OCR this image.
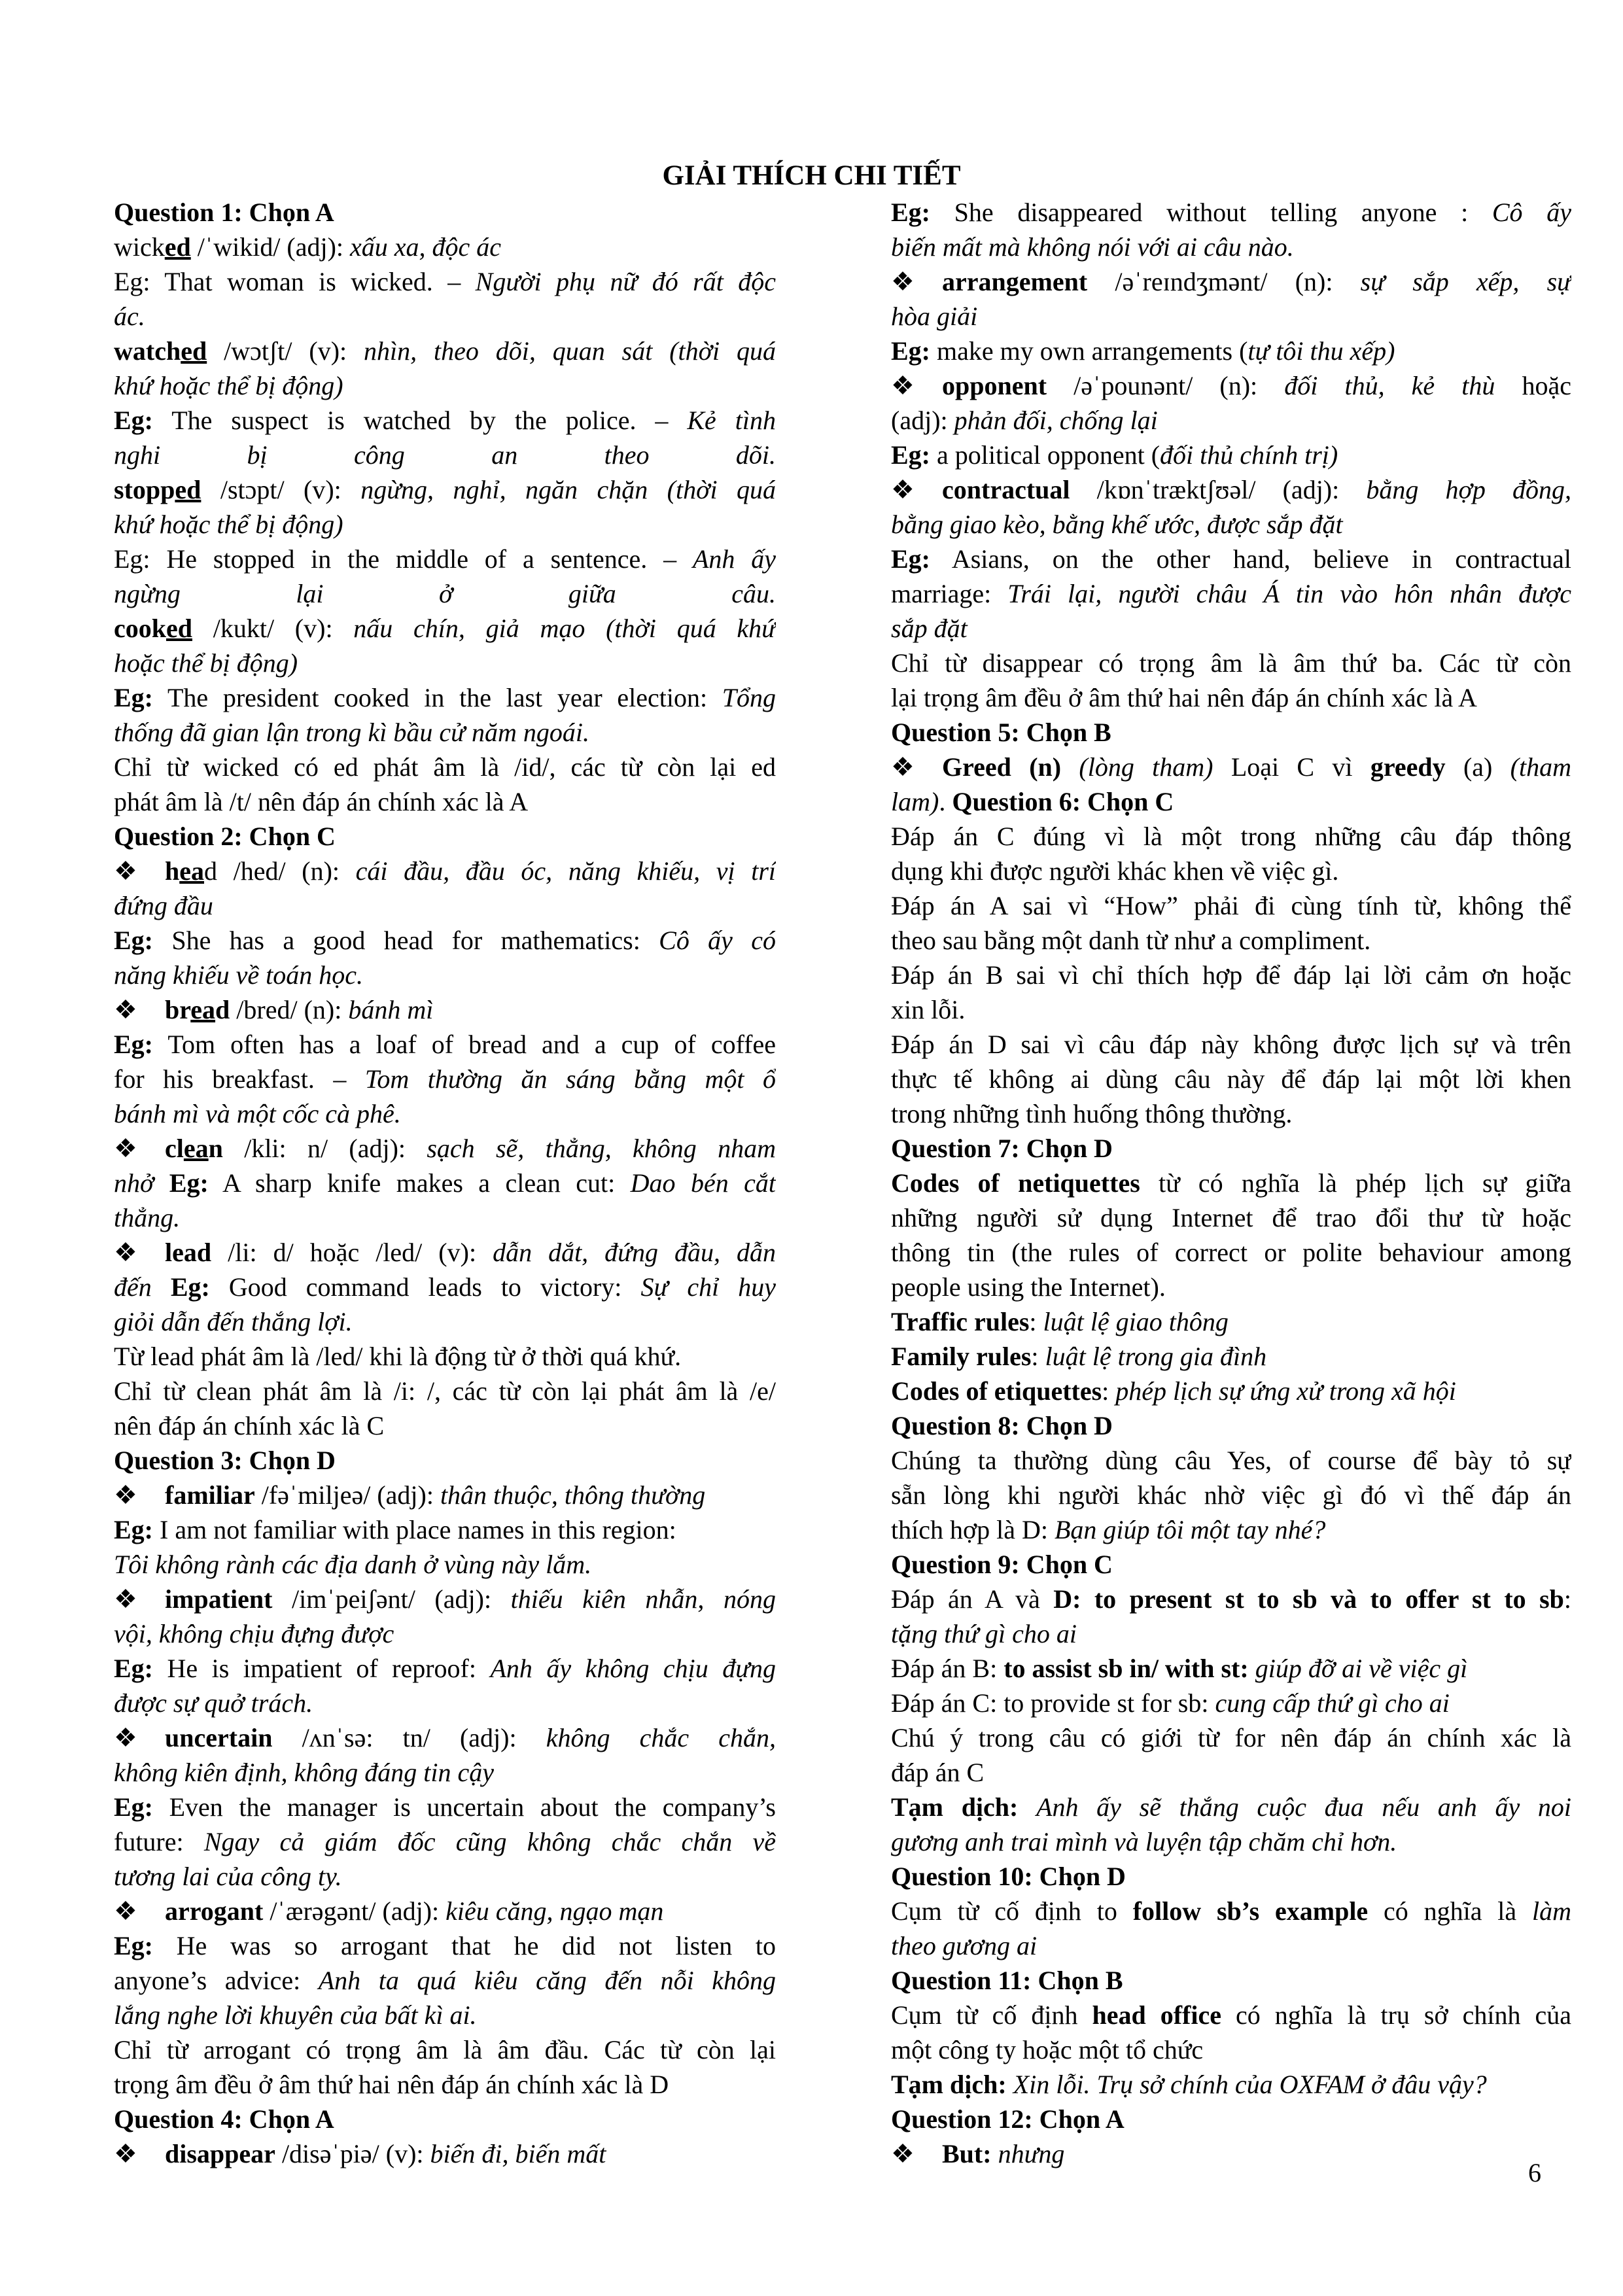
GIẢI THÍCH CHI TIẾT
Question 1: Chọn A
wicked /ˈwikid/ (adj): xấu xa, độc ác
Eg: That woman is wicked. – Người phụ nữ đó rất độc
ác.
watched /wɔtʃt/ (v): nhìn, theo dõi, quan sát (thời quá
khứ hoặc thể bị động)
Eg: The suspect is watched by the police. – Kẻ tình
nghi bị công an theo dõi.
stopped /stɔpt/ (v): ngừng, nghỉ, ngăn chặn (thời quá
khứ hoặc thể bị động)
Eg: He stopped in the middle of a sentence. – Anh ấy
ngừng lại ở giữa câu.
cooked /kukt/ (v): nấu chín, giả mạo (thời quá khứ
hoặc thể bị động)
Eg: The president cooked in the last year election: Tổng
thống đã gian lận trong kì bầu cử năm ngoái.
Chỉ từ wicked có ed phát âm là /id/, các từ còn lại ed
phát âm là /t/ nên đáp án chính xác là A
Question 2: Chọn C
❖ head /hed/ (n): cái đầu, đầu óc, năng khiếu, vị trí
đứng đầu
Eg: She has a good head for mathematics: Cô ấy có
năng khiếu về toán học.
❖ bread /bred/ (n): bánh mì
Eg: Tom often has a loaf of bread and a cup of coffee
for his breakfast. – Tom thường ăn sáng bằng một ổ
bánh mì và một cốc cà phê.
❖ clean /kli: n/ (adj): sạch sẽ, thẳng, không nham
nhở Eg: A sharp knife makes a clean cut: Dao bén cắt
thẳng.
❖ lead /li: d/ hoặc /led/ (v): dẫn dắt, đứng đầu, dẫn
đến Eg: Good command leads to victory: Sự chỉ huy
giỏi dẫn đến thắng lợi.
Từ lead phát âm là /led/ khi là động từ ở thời quá khứ.
Chỉ từ clean phát âm là /i: /, các từ còn lại phát âm là /e/
nên đáp án chính xác là C
Question 3: Chọn D
❖ familiar /fəˈmiljeə/ (adj): thân thuộc, thông thường
Eg: I am not familiar with place names in this region:
Tôi không rành các địa danh ở vùng này lắm.
❖ impatient /imˈpeiʃənt/ (adj): thiếu kiên nhẫn, nóng
vội, không chịu đựng được
Eg: He is impatient of reproof: Anh ấy không chịu đựng
được sự quở trách.
❖ uncertain /ʌnˈsə: tn/ (adj): không chắc chắn,
không kiên định, không đáng tin cậy
Eg: Even the manager is uncertain about the company’s
future: Ngay cả giám đốc cũng không chắc chắn về
tương lai của công ty.
❖ arrogant /ˈærəgənt/ (adj): kiêu căng, ngạo mạn
Eg: He was so arrogant that he did not listen to
anyone’s advice: Anh ta quá kiêu căng đến nỗi không
lắng nghe lời khuyên của bất kì ai.
Chỉ từ arrogant có trọng âm là âm đầu. Các từ còn lại
trọng âm đều ở âm thứ hai nên đáp án chính xác là D
Question 4: Chọn A
❖ disappear /disəˈpiə/ (v): biến đi, biến mất
Eg: She disappeared without telling anyone : Cô ấy
biến mất mà không nói với ai câu nào.
❖ arrangement /əˈreɪndʒmənt/ (n): sự sắp xếp, sự
hòa giải
Eg: make my own arrangements (tự tôi thu xếp)
❖ opponent /əˈpounənt/ (n): đối thủ, kẻ thù hoặc
(adj): phản đối, chống lại
Eg: a political opponent (đối thủ chính trị)
❖ contractual /kɒnˈtræktʃʊəl/ (adj): bằng hợp đồng,
bằng giao kèo, bằng khế ước, được sắp đặt
Eg: Asians, on the other hand, believe in contractual
marriage: Trái lại, người châu Á tin vào hôn nhân được
sắp đặt
Chỉ từ disappear có trọng âm là âm thứ ba. Các từ còn
lại trọng âm đều ở âm thứ hai nên đáp án chính xác là A
Question 5: Chọn B
❖ Greed (n) (lòng tham) Loại C vì greedy (a) (tham
lam). Question 6: Chọn C
Đáp án C đúng vì là một trong những câu đáp thông
dụng khi được người khác khen về việc gì.
Đáp án A sai vì “How” phải đi cùng tính từ, không thể
theo sau bằng một danh từ như a compliment.
Đáp án B sai vì chỉ thích hợp để đáp lại lời cảm ơn hoặc
xin lỗi.
Đáp án D sai vì câu đáp này không được lịch sự và trên
thực tế không ai dùng câu này để đáp lại một lời khen
trong những tình huống thông thường.
Question 7: Chọn D
Codes of netiquettes từ có nghĩa là phép lịch sự giữa
những người sử dụng Internet để trao đổi thư từ hoặc
thông tin (the rules of correct or polite behaviour among
people using the Internet).
Traffic rules: luật lệ giao thông
Family rules: luật lệ trong gia đình
Codes of etiquettes: phép lịch sự ứng xử trong xã hội
Question 8: Chọn D
Chúng ta thường dùng câu Yes, of course để bày tỏ sự
sẵn lòng khi người khác nhờ việc gì đó vì thế đáp án
thích hợp là D: Bạn giúp tôi một tay nhé?
Question 9: Chọn C
Đáp án A và D: to present st to sb và to offer st to sb:
tặng thứ gì cho ai
Đáp án B: to assist sb in/ with st: giúp đỡ ai về việc gì
Đáp án C: to provide st for sb: cung cấp thứ gì cho ai
Chú ý trong câu có giới từ for nên đáp án chính xác là
đáp án C
Tạm dịch: Anh ấy sẽ thắng cuộc đua nếu anh ấy noi
gương anh trai mình và luyện tập chăm chỉ hơn.
Question 10: Chọn D
Cụm từ cố định to follow sb’s example có nghĩa là làm
theo gương ai
Question 11: Chọn B
Cụm từ cố định head office có nghĩa là trụ sở chính của
một công ty hoặc một tổ chức
Tạm dịch: Xin lỗi. Trụ sở chính của OXFAM ở đâu vậy?
Question 12: Chọn A
❖ But: nhưng
6
